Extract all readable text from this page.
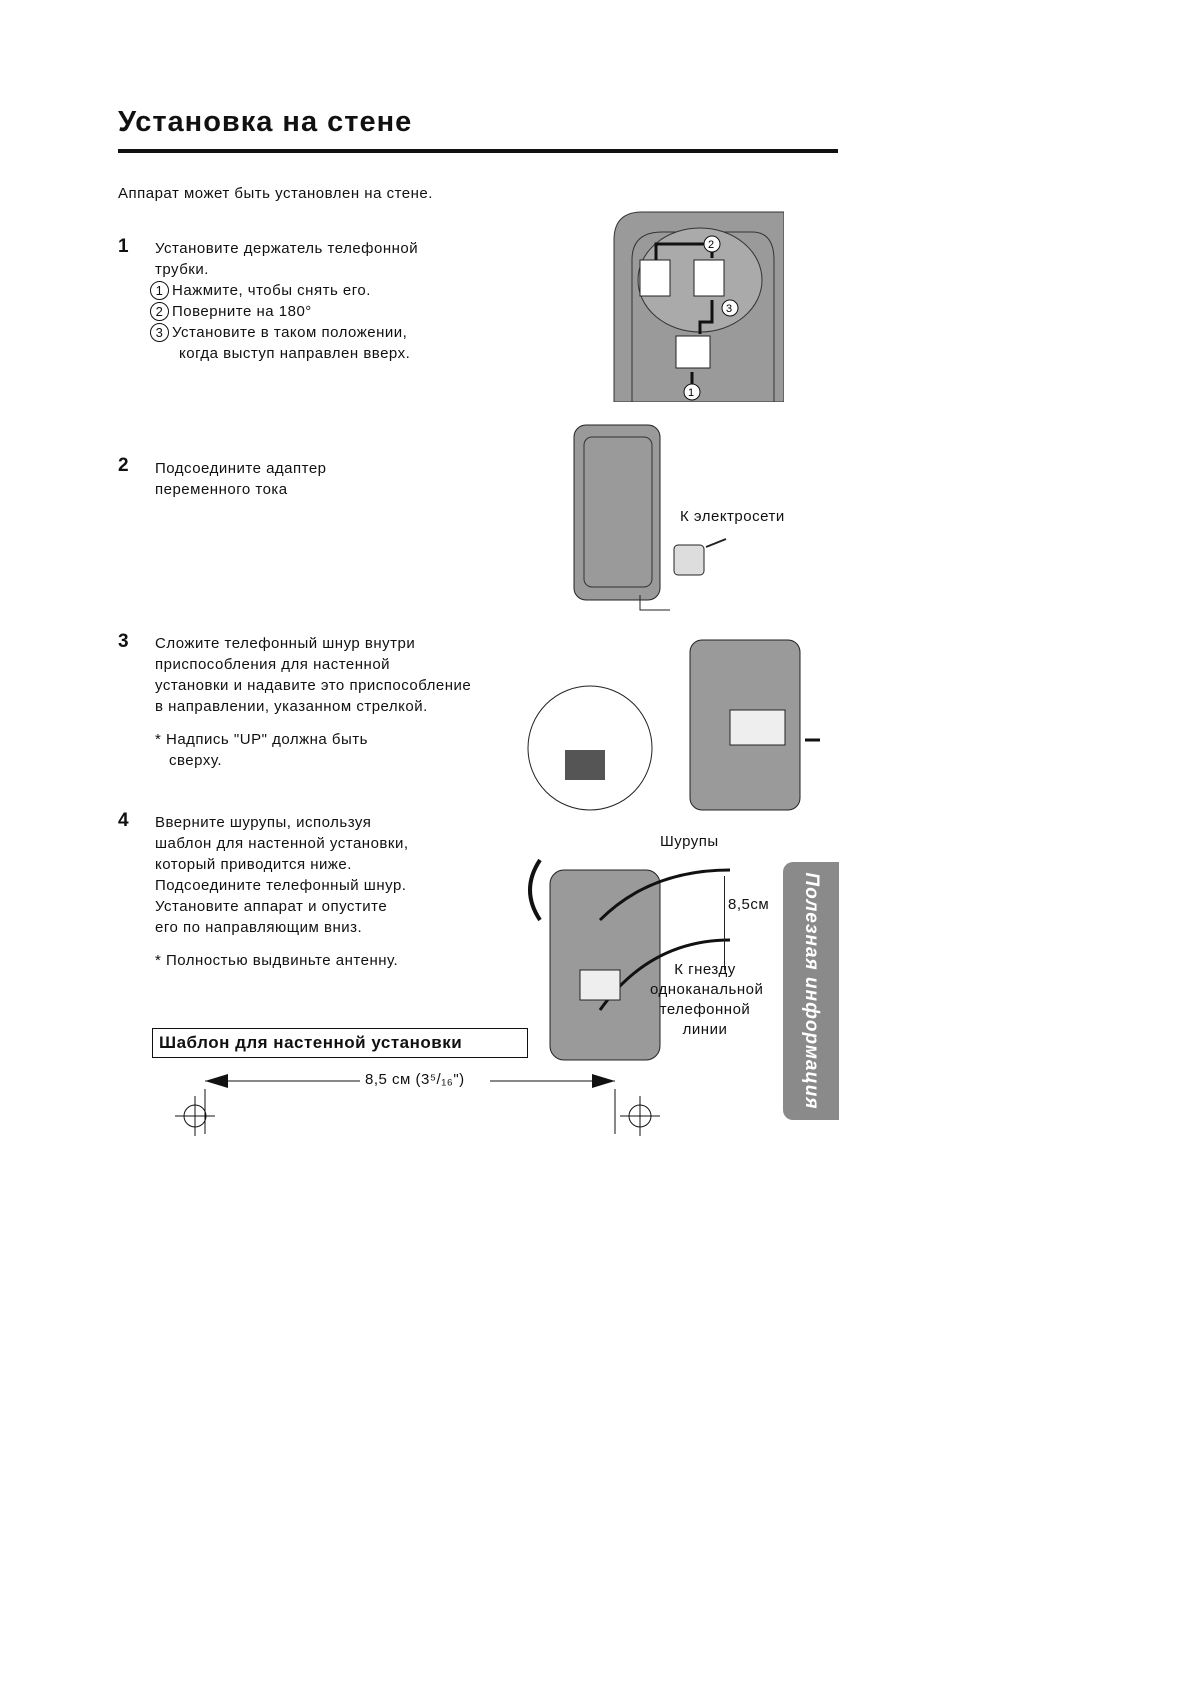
Установка на стене
Аппарат может быть установлен на стене.
1 Установите держатель телефонной
трубки.
1 Нажмите, чтобы снять его.
2 Поверните на 180°
3 Установите в таком положении,
когда выступ направлен вверх.
2
3
1
2 Подсоедините адаптер
переменного тока
К электросети
3 Сложите телефонный шнур внутри
приспособления для настенной
установки и надавите это приспособление
в направлении, указанном стрелкой.
* Надпись "UP" должна быть
сверху.
4 Вверните шурупы, используя
шаблон для настенной установки,
который приводится ниже.
Подсоедините телефонный шнур.
Установите аппарат и опустите
его по направляющим вниз.
* Полностью выдвиньте антенну.
Шурупы
8,5см
К гнезду
одноканальной
телефонной
линии
Шаблон для настенной установки
8,5 см (3⁵/₁₆")	Полезная информация
